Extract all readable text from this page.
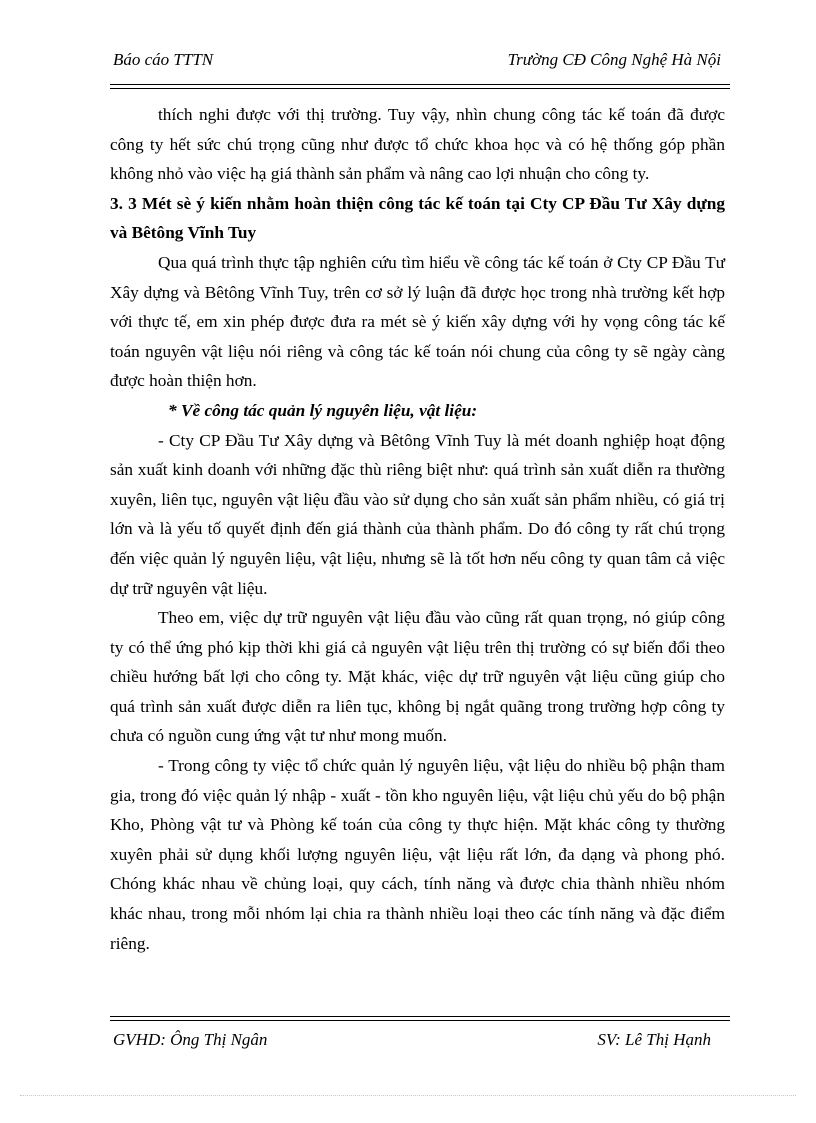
Báo cáo TTTN	Trường CĐ Công Nghệ Hà Nội

thích nghi được với thị trường. Tuy vậy, nhìn chung công tác kế toán đã được công ty hết sức chú trọng cũng như được tổ chức khoa học và có hệ thống góp phần không nhỏ vào việc hạ giá thành sản phẩm và nâng cao lợi nhuận cho công ty.

3. 3 Mét sè ý kiến nhằm hoàn thiện công tác kế toán tại Cty CP Đầu Tư Xây dựng và Bêtông Vĩnh Tuy

Qua quá trình thực tập nghiên cứu tìm hiểu về công tác kế toán ở Cty CP Đầu Tư Xây dựng và Bêtông Vĩnh Tuy, trên cơ sở lý luận đã được học trong nhà trường kết hợp với thực tế, em xin phép được đưa ra mét sè ý kiến xây dựng với hy vọng công tác kế toán nguyên vật liệu nói riêng và công tác kế toán nói chung của công ty sẽ ngày càng được hoàn thiện hơn.

* Về công tác quản lý nguyên liệu, vật liệu:

- Cty CP Đầu Tư Xây dựng và Bêtông Vĩnh Tuy là mét doanh nghiệp hoạt động sản xuất kinh doanh với những đặc thù riêng biệt như: quá trình sản xuất diễn ra thường xuyên, liên tục, nguyên vật liệu đầu vào sử dụng cho sản xuất sản phẩm nhiều, có giá trị lớn và là yếu tố quyết định đến giá thành của thành phẩm. Do đó công ty rất chú trọng đến việc quản lý nguyên liệu, vật liệu, nhưng sẽ là tốt hơn nếu công ty quan tâm cả việc dự trữ nguyên vật liệu.

Theo em, việc dự trữ nguyên vật liệu đầu vào cũng rất quan trọng, nó giúp công ty có thể ứng phó kịp thời khi giá cả nguyên vật liệu trên thị trường có sự biến đổi theo chiều hướng bất lợi cho công ty. Mặt khác, việc dự trữ nguyên vật liệu cũng giúp cho quá trình sản xuất được diễn ra liên tục, không bị ngắt quãng trong trường hợp công ty chưa có nguồn cung ứng vật tư như mong muốn.

- Trong công ty việc tổ chức quản lý nguyên liệu, vật liệu do nhiều bộ phận tham gia, trong đó việc quản lý nhập - xuất - tồn kho nguyên liệu, vật liệu chủ yếu do bộ phận Kho, Phòng vật tư và Phòng kế toán của công ty thực hiện. Mặt khác công ty thường xuyên phải sử dụng khối lượng nguyên liệu, vật liệu rất lớn, đa dạng và phong phó. Chóng khác nhau về chủng loại, quy cách, tính năng và được chia thành nhiều nhóm khác nhau, trong mỗi nhóm lại chia ra thành nhiều loại theo các tính năng và đặc điểm riêng.

GVHD: Ông Thị Ngân	SV: Lê Thị Hạnh
